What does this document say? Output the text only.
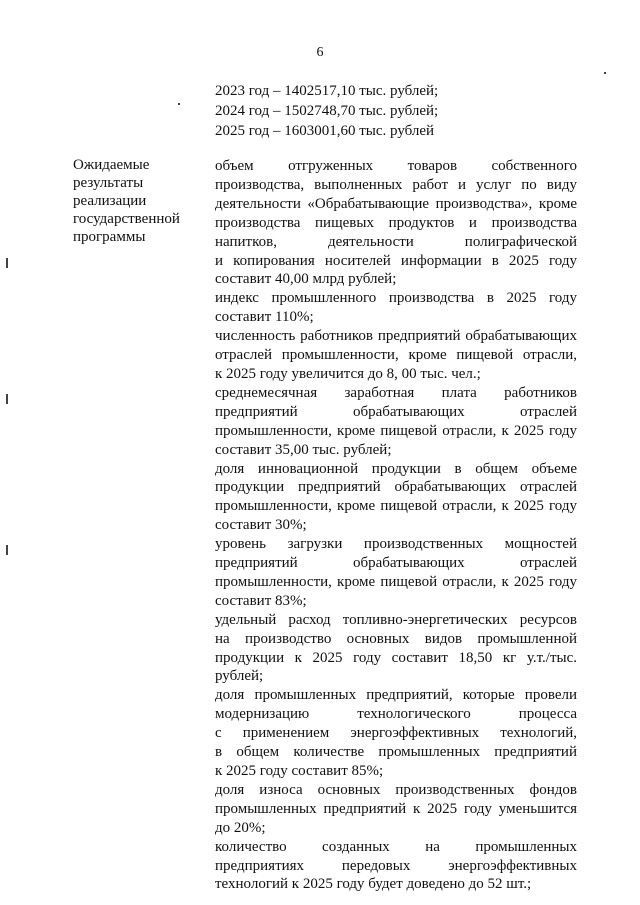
6
2023 год – 1402517,10 тыс. рублей;
2024 год – 1502748,70 тыс. рублей;
2025 год – 1603001,60 тыс. рублей
Ожидаемые
результаты
реализации
государственной
программы
объем отгруженных товаров собственного
производства, выполненных работ и услуг по виду
деятельности «Обрабатывающие производства», кроме
производства пищевых продуктов и производства
напитков, деятельности полиграфической
и копирования носителей информации в 2025 году
составит 40,00 млрд рублей;
индекс промышленного производства в 2025 году
составит 110%;
численность работников предприятий обрабатывающих
отраслей промышленности, кроме пищевой отрасли,
к 2025 году увеличится до 8, 00 тыс. чел.;
среднемесячная заработная плата работников
предприятий обрабатывающих отраслей
промышленности, кроме пищевой отрасли, к 2025 году
составит 35,00 тыс. рублей;
доля инновационной продукции в общем объеме
продукции предприятий обрабатывающих отраслей
промышленности, кроме пищевой отрасли, к 2025 году
составит 30%;
уровень загрузки производственных мощностей
предприятий обрабатывающих отраслей
промышленности, кроме пищевой отрасли, к 2025 году
составит 83%;
удельный расход топливно-энергетических ресурсов
на производство основных видов промышленной
продукции к 2025 году составит 18,50 кг у.т./тыс.
рублей;
доля промышленных предприятий, которые провели
модернизацию технологического процесса
с применением энергоэффективных технологий,
в общем количестве промышленных предприятий
к 2025 году составит 85%;
доля износа основных производственных фондов
промышленных предприятий к 2025 году уменьшится
до 20%;
количество созданных на промышленных
предприятиях передовых энергоэффективных
технологий к 2025 году будет доведено до 52 шт.;
